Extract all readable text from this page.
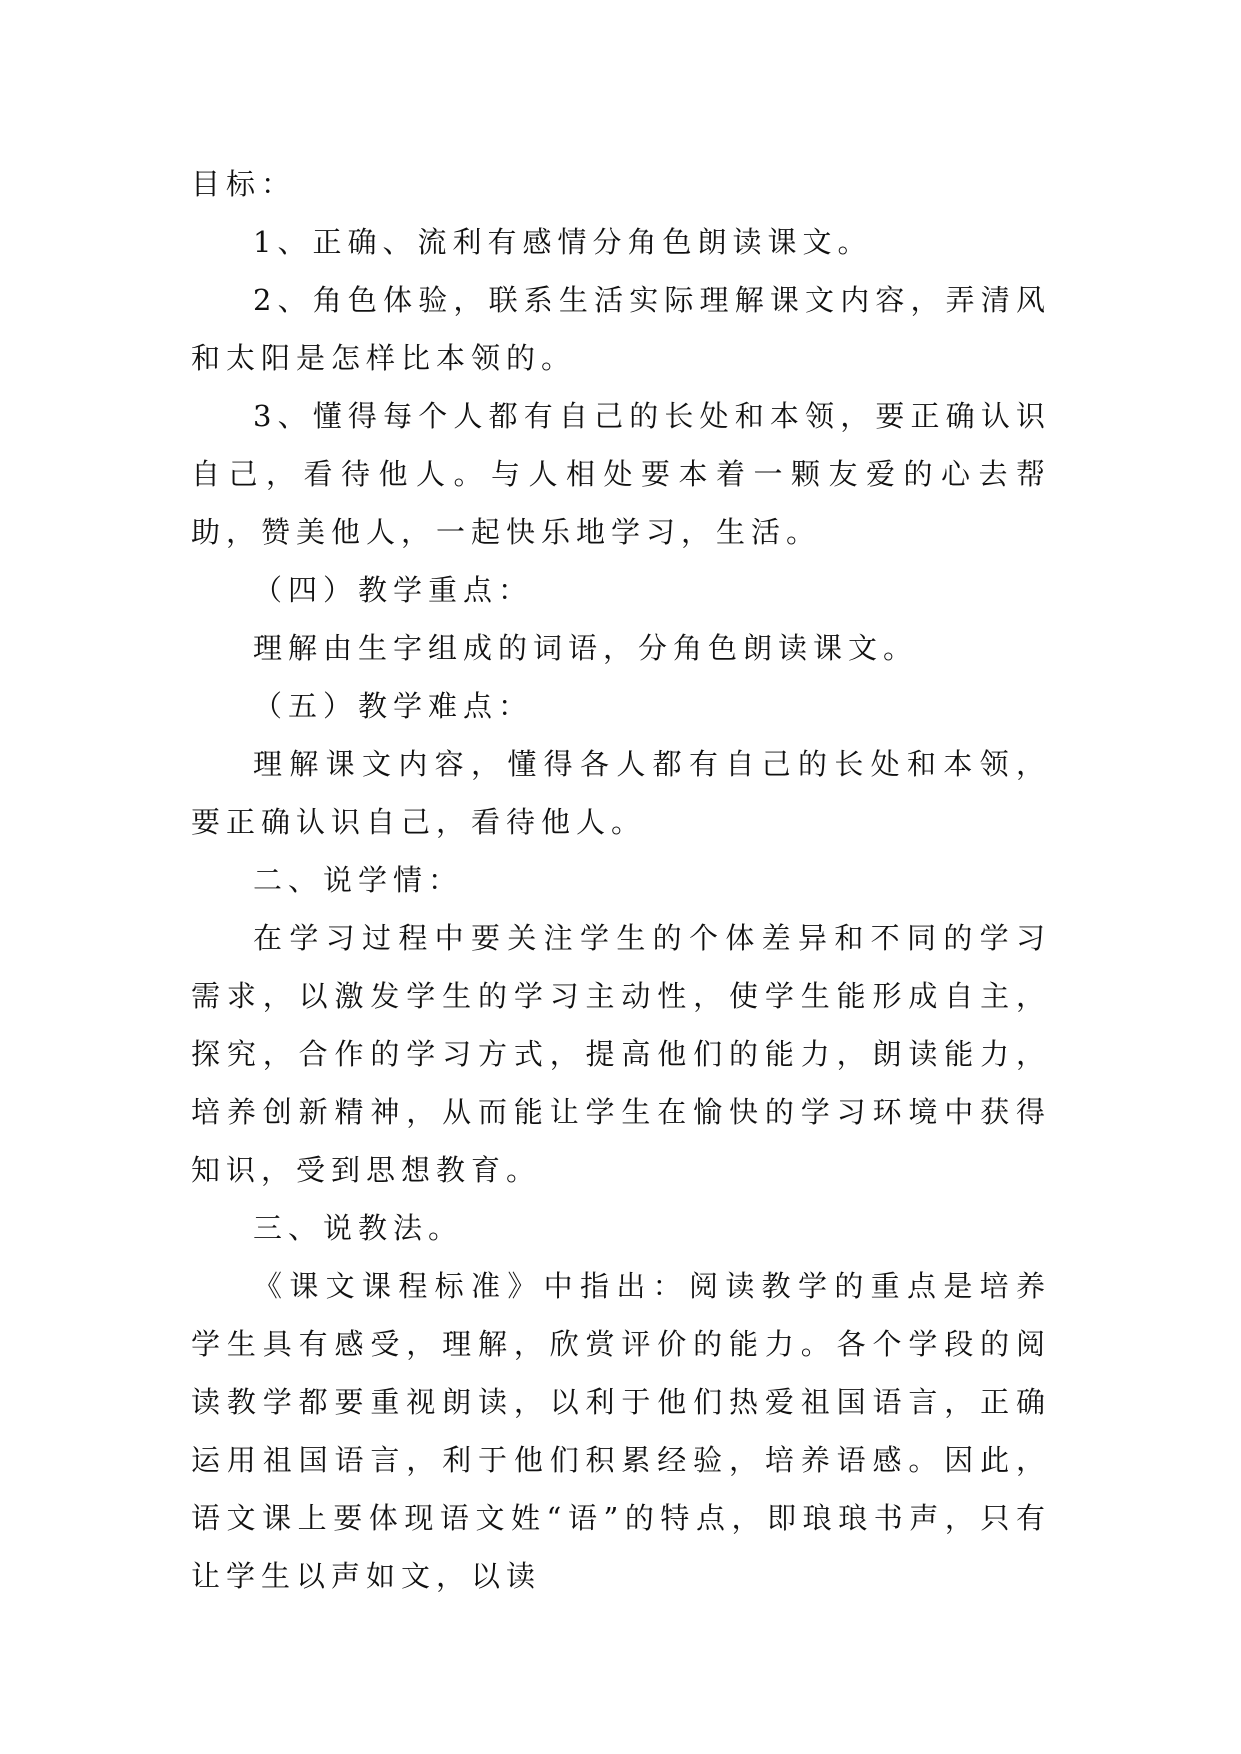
目标：

1、正确、流利有感情分角色朗读课文。

2、角色体验，联系生活实际理解课文内容，弄清风和太阳是怎样比本领的。

3、懂得每个人都有自己的长处和本领，要正确认识自己，看待他人。与人相处要本着一颗友爱的心去帮助，赞美他人，一起快乐地学习，生活。

（四）教学重点：

理解由生字组成的词语，分角色朗读课文。

（五）教学难点：

理解课文内容，懂得各人都有自己的长处和本领，要正确认识自己，看待他人。

二、说学情：

在学习过程中要关注学生的个体差异和不同的学习需求，以激发学生的学习主动性，使学生能形成自主，探究，合作的学习方式，提高他们的能力，朗读能力，培养创新精神，从而能让学生在愉快的学习环境中获得知识，受到思想教育。

三、说教法。

《课文课程标准》中指出：阅读教学的重点是培养学生具有感受，理解，欣赏评价的能力。各个学段的阅读教学都要重视朗读，以利于他们热爱祖国语言，正确运用祖国语言，利于他们积累经验，培养语感。因此，语文课上要体现语文姓“语”的特点，即琅琅书声，只有让学生以声如文，以读
